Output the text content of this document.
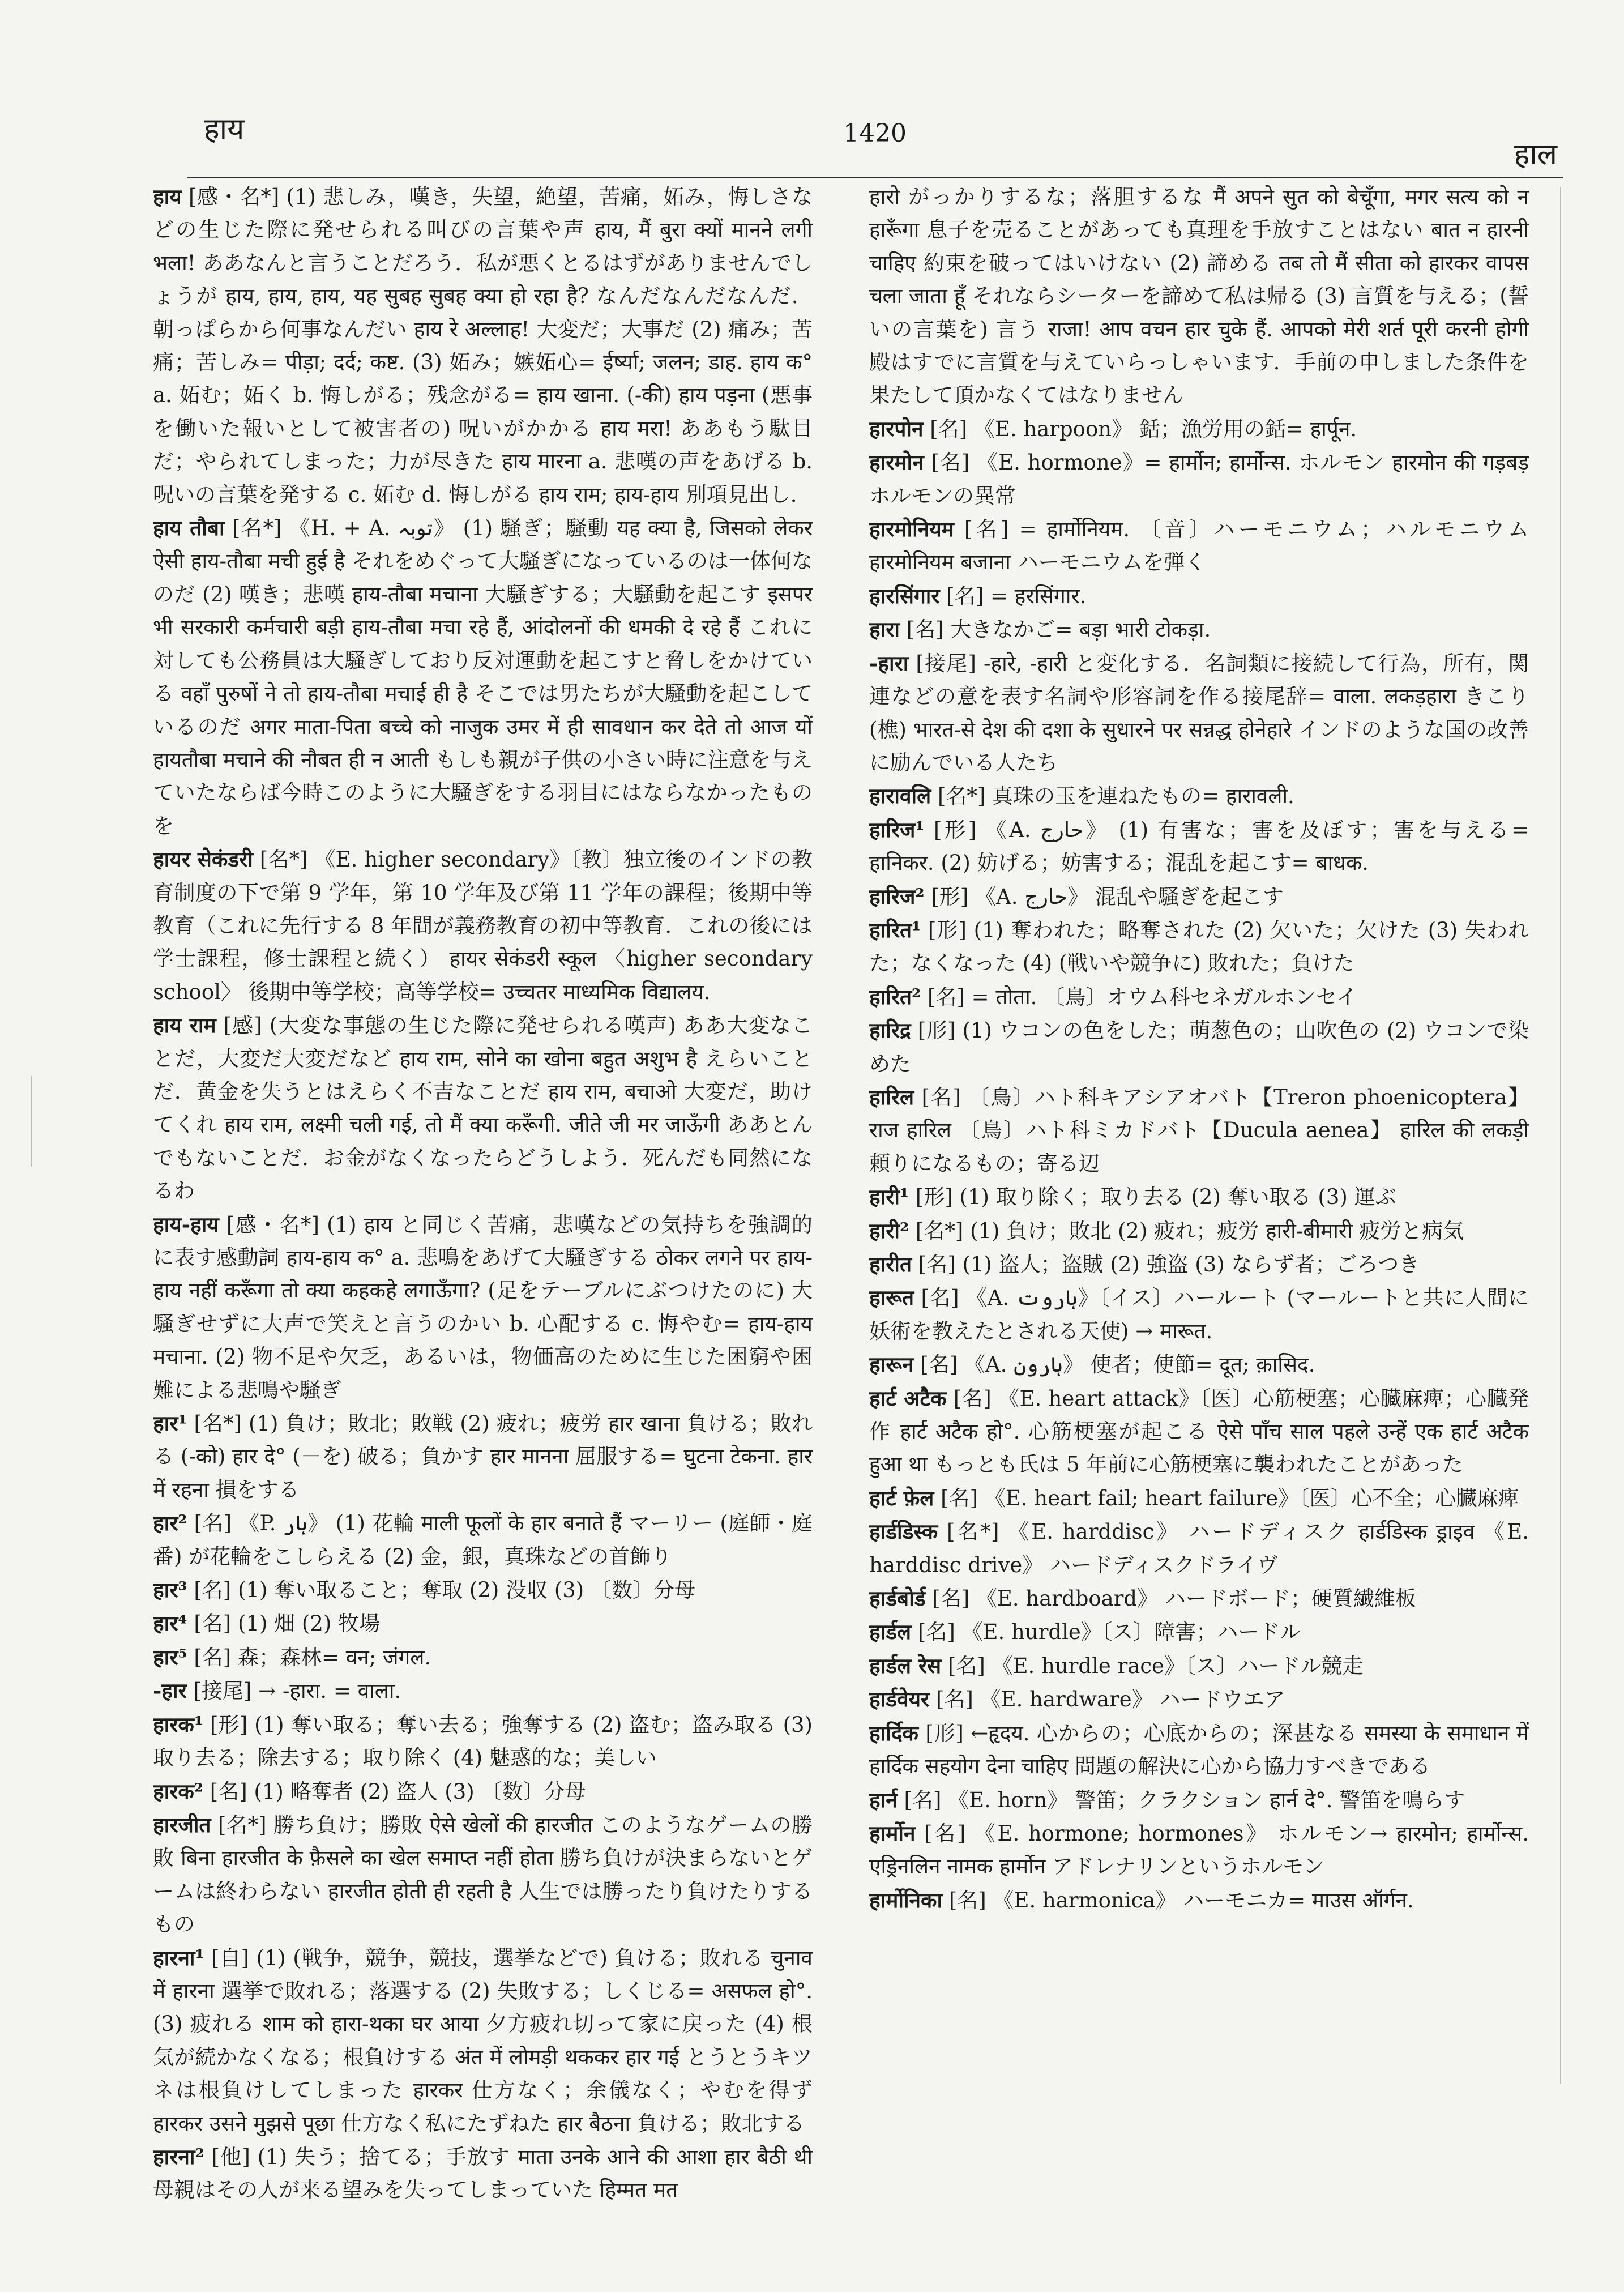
हाय	1420
हाल

हाय [感・名*] (1) 悲しみ，嘆き，失望，絶望，苦痛，妬み，悔しさなどの生じた際に発せられる叫びの言葉や声 हाय, मैं बुरा क्यों मानने लगी भला! ああなんと言うことだろう．私が悪くとるはずがありませんでしょうが हाय, हाय, हाय, यह सुबह सुबह क्या हो रहा है? なんだなんだなんだ．朝っぱらから何事なんだい हाय रे अल्लाह! 大変だ；大事だ (2) 痛み；苦痛；苦しみ= पीड़ा; दर्द; कष्ट. (3) 妬み；嫉妬心= ईर्ष्या; जलन; डाह. हाय क° a. 妬む；妬く b. 悔しがる；残念がる= हाय खाना. (-की) हाय पड़ना (悪事を働いた報いとして被害者の) 呪いがかかる हाय मरा! ああもう駄目だ；やられてしまった；力が尽きた हाय मारना a. 悲嘆の声をあげる b. 呪いの言葉を発する c. 妬む d. 悔しがる हाय राम; हाय-हाय 別項見出し．

हाय तौबा [名*] 《H. + A. توبہ》 (1) 騒ぎ；騒動 यह क्या है, जिसको लेकर ऐसी हाय-तौबा मची हुई है それをめぐって大騒ぎになっているのは一体何なのだ (2) 嘆き；悲嘆 हाय-तौबा मचाना 大騒ぎする；大騒動を起こす इसपर भी सरकारी कर्मचारी बड़ी हाय-तौबा मचा रहे हैं, आंदोलनों की धमकी दे रहे हैं これに対しても公務員は大騒ぎしており反対運動を起こすと脅しをかけている वहाँ पुरुषों ने तो हाय-तौबा मचाई ही है そこでは男たちが大騒動を起こしているのだ अगर माता-पिता बच्चे को नाजुक उमर में ही सावधान कर देते तो आज यों हायतौबा मचाने की नौबत ही न आती もしも親が子供の小さい時に注意を与えていたならば今時このように大騒ぎをする羽目にはならなかったものを

हायर सेकंडरी [名*] 《E. higher secondary》〔教〕独立後のインドの教育制度の下で第 9 学年，第 10 学年及び第 11 学年の課程；後期中等教育（これに先行する 8 年間が義務教育の初中等教育．これの後には学士課程，修士課程と続く） हायर सेकंडरी स्कूल 〈higher secondary school〉 後期中等学校；高等学校= उच्चतर माध्यमिक विद्यालय.

हाय राम [感] (大変な事態の生じた際に発せられる嘆声) ああ大変なことだ，大変だ大変だなど हाय राम, सोने का खोना बहुत अशुभ है えらいことだ．黄金を失うとはえらく不吉なことだ हाय राम, बचाओ 大変だ，助けてくれ हाय राम, लक्ष्मी चली गई, तो मैं क्या करूँगी. जीते जी मर जाऊँगी ああとんでもないことだ．お金がなくなったらどうしよう．死んだも同然になるわ

हाय-हाय [感・名*] (1) हाय と同じく苦痛，悲嘆などの気持ちを強調的に表す感動詞 हाय-हाय क° a. 悲鳴をあげて大騒ぎする ठोकर लगने पर हाय-हाय नहीं करूँगा तो क्या कहकहे लगाऊँगा? (足をテーブルにぶつけたのに) 大騒ぎせずに大声で笑えと言うのかい b. 心配する c. 悔やむ= हाय-हाय मचाना. (2) 物不足や欠乏，あるいは，物価高のために生じた困窮や困難による悲鳴や騒ぎ

हार¹ [名*] (1) 負け；敗北；敗戦 (2) 疲れ；疲労 हार खाना 負ける；敗れる (-को) हार दे° (－を) 破る；負かす हार मानना 屈服する= घुटना टेकना. हार में रहना 損をする

हार² [名] 《P. ہار》 (1) 花輪 माली फूलों के हार बनाते हैं マーリー (庭師・庭番) が花輪をこしらえる (2) 金，銀，真珠などの首飾り

हार³ [名] (1) 奪い取ること；奪取 (2) 没収 (3) 〔数〕分母

हार⁴ [名] (1) 畑 (2) 牧場

हार⁵ [名] 森；森林= वन; जंगल.

-हार [接尾] → -हारा. = वाला.

हारक¹ [形] (1) 奪い取る；奪い去る；強奪する (2) 盗む；盗み取る (3) 取り去る；除去する；取り除く (4) 魅惑的な；美しい

हारक² [名] (1) 略奪者 (2) 盗人 (3) 〔数〕分母

हारजीत [名*] 勝ち負け；勝敗 ऐसे खेलों की हारजीत このようなゲームの勝敗 बिना हारजीत के फ़ैसले का खेल समाप्त नहीं होता 勝ち負けが決まらないとゲームは終わらない हारजीत होती ही रहती है 人生では勝ったり負けたりするもの

हारना¹ [自] (1) (戦争，競争，競技，選挙などで) 負ける；敗れる चुनाव में हारना 選挙で敗れる；落選する (2) 失敗する；しくじる= असफल हो°. (3) 疲れる शाम को हारा-थका घर आया 夕方疲れ切って家に戻った (4) 根気が続かなくなる；根負けする अंत में लोमड़ी थककर हार गई とうとうキツネは根負けしてしまった हारकर 仕方なく；余儀なく；やむを得ず हारकर उसने मुझसे पूछा 仕方なく私にたずねた हार बैठना 負ける；敗北する

हारना² [他] (1) 失う；捨てる；手放す माता उनके आने की आशा हार बैठी थी 母親はその人が来る望みを失ってしまっていた हिम्मत मत

हारो がっかりするな；落胆するな मैं अपने सुत को बेचूँगा, मगर सत्य को न हारूँगा 息子を売ることがあっても真理を手放すことはない बात न हारनी चाहिए 約束を破ってはいけない (2) 諦める तब तो मैं सीता को हारकर वापस चला जाता हूँ それならシーターを諦めて私は帰る (3) 言質を与える；(誓いの言葉を) 言う राजा! आप वचन हार चुके हैं. आपको मेरी शर्त पूरी करनी होगी 殿はすでに言質を与えていらっしゃいます．手前の申しました条件を果たして頂かなくてはなりません

हारपोन [名] 《E. harpoon》 銛；漁労用の銛= हार्पून.

हारमोन [名] 《E. hormone》= हार्मोन; हार्मोन्स. ホルモン हारमोन की गड़बड़ ホルモンの異常

हारमोनियम [名] = हार्मोनियम. 〔音〕ハーモニウム；ハルモニウム हारमोनियम बजाना ハーモニウムを弾く

हारसिंगार [名] = हरसिंगार.

हारा [名] 大きなかご= बड़ा भारी टोकड़ा.

-हारा [接尾] -हारे, -हारी と変化する．名詞類に接続して行為，所有，関連などの意を表す名詞や形容詞を作る接尾辞= वाला. लकड़हारा きこり (樵) भारत-से देश की दशा के सुधारने पर सन्नद्ध होनेहारे インドのような国の改善に励んでいる人たち

हारावलि [名*] 真珠の玉を連ねたもの= हारावली.

हारिज¹ [形] 《A. حارج》 (1) 有害な；害を及ぼす；害を与える= हानिकर. (2) 妨げる；妨害する；混乱を起こす= बाधक.

हारिज² [形] 《A. حارج》 混乱や騒ぎを起こす

हारित¹ [形] (1) 奪われた；略奪された (2) 欠いた；欠けた (3) 失われた；なくなった (4) (戦いや競争に) 敗れた；負けた

हारित² [名] = तोता. 〔鳥〕オウム科セネガルホンセイ

हारिद्र [形] (1) ウコンの色をした；萌葱色の；山吹色の (2) ウコンで染めた

हारिल [名] 〔鳥〕ハト科キアシアオバト【Treron phoenicoptera】 राज हारिल 〔鳥〕ハト科ミカドバト【Ducula aenea】 हारिल की लकड़ी 頼りになるもの；寄る辺

हारी¹ [形] (1) 取り除く；取り去る (2) 奪い取る (3) 運ぶ

हारी² [名*] (1) 負け；敗北 (2) 疲れ；疲労 हारी-बीमारी 疲労と病気

हारीत [名] (1) 盗人；盗賊 (2) 強盗 (3) ならず者；ごろつき

हारूत [名] 《A. ہاروت》〔イス〕ハールート (マールートと共に人間に妖術を教えたとされる天使) → मारूत.

हारून [名] 《A. ہارون》 使者；使節= दूत; क़ासिद.

हार्ट अटैक [名] 《E. heart attack》〔医〕心筋梗塞；心臓麻痺；心臓発作 हार्ट अटैक हो°. 心筋梗塞が起こる ऐसे पाँच साल पहले उन्हें एक हार्ट अटैक हुआ था もっとも氏は 5 年前に心筋梗塞に襲われたことがあった

हार्ट फ़ेल [名] 《E. heart fail; heart failure》〔医〕心不全；心臓麻痺

हार्डडिस्क [名*] 《E. harddisc》 ハードディスク हार्डडिस्क ड्राइव 《E. harddisc drive》 ハードディスクドライヴ

हार्डबोर्ड [名] 《E. hardboard》 ハードボード；硬質繊維板

हार्डल [名] 《E. hurdle》〔ス〕障害；ハードル

हार्डल रेस [名] 《E. hurdle race》〔ス〕ハードル競走

हार्डवेयर [名] 《E. hardware》 ハードウエア

हार्दिक [形] ←हृदय. 心からの；心底からの；深甚なる समस्या के समाधान में हार्दिक सहयोग देना चाहिए 問題の解決に心から協力すべきである

हार्न [名] 《E. horn》 警笛；クラクション हार्न दे°. 警笛を鳴らす

हार्मोन [名] 《E. hormone; hormones》 ホルモン→ हारमोन; हार्मोन्स. एड्रिनलिन नामक हार्मोन アドレナリンというホルモン

हार्मोनिका [名] 《E. harmonica》 ハーモニカ= माउस ऑर्गन.
